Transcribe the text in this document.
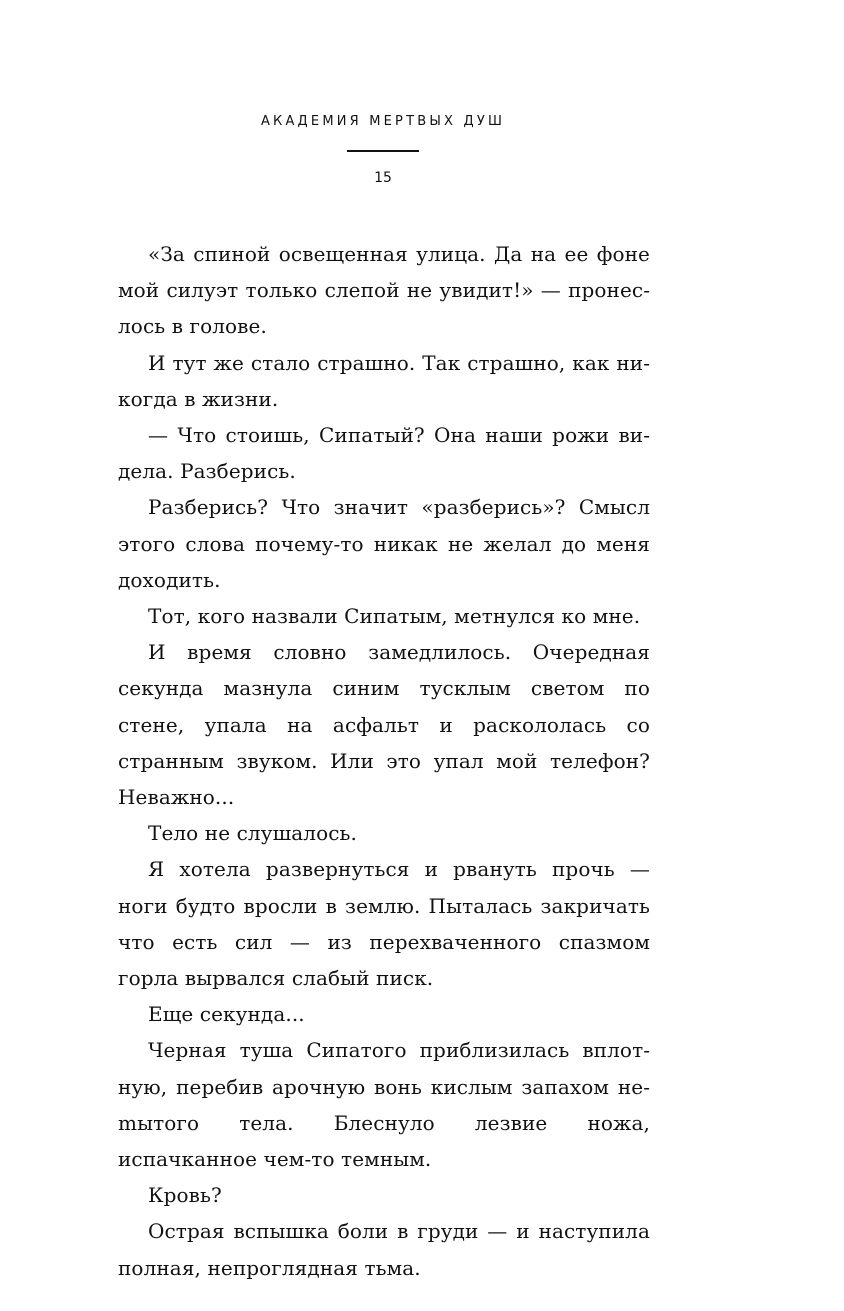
АКАДЕМИЯ МЕРТВЫХ ДУШ
15

«За спиной освещенная улица. Да на ее фоне мой силуэт только слепой не увидит!» — пронеслось в голове.

И тут же стало страшно. Так страшно, как никогда в жизни.

— Что стоишь, Сипатый? Она наши рожи видела. Разберись.

Разберись? Что значит «разберись»? Смысл этого слова почему-то никак не желал до меня доходить.

Тот, кого назвали Сипатым, метнулся ко мне.

И время словно замедлилось. Очередная секунда мазнула синим тусклым светом по стене, упала на асфальт и раскололась со странным звуком. Или это упал мой телефон? Неважно...

Тело не слушалось.

Я хотела развернуться и рвануть прочь — ноги будто вросли в землю. Пыталась закричать что есть сил — из перехваченного спазмом горла вырвался слабый писк.

Еще секунда...

Черная туша Сипатого приблизилась вплотную, перебив арочную вонь кислым запахом неmытого тела. Блеснуло лезвие ножа, испачканное чем-то темным.

Кровь?

Острая вспышка боли в груди — и наступила полная, непроглядная тьма.
